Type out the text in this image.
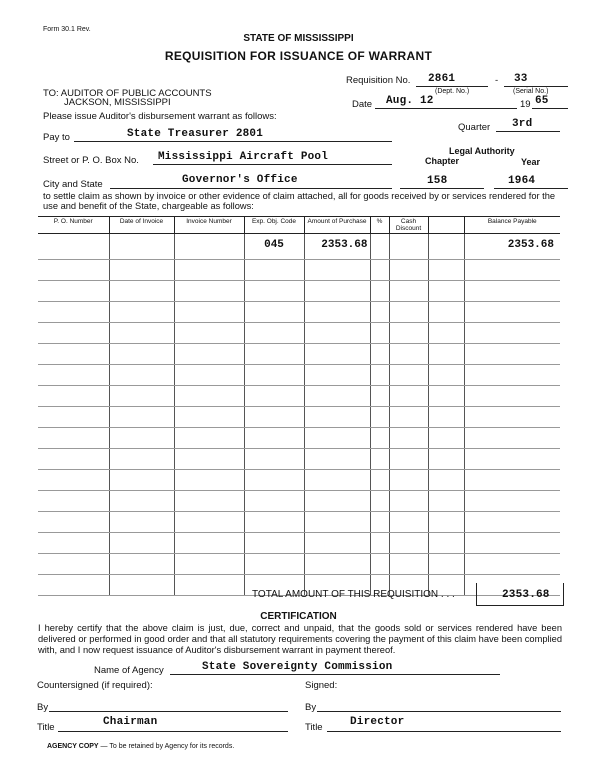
Form 30.1 Rev.
STATE OF MISSISSIPPI
REQUISITION FOR ISSUANCE OF WARRANT
Requisition No. 2861	- 33
(Dept. No.)	(Serial No.)
TO: AUDITOR OF PUBLIC ACCOUNTS
JACKSON, MISSISSIPPI
Please issue Auditor's disbursement warrant as follows:
Date Aug. 12	19 65
Quarter 3rd
Pay to	State Treasurer 2801
Legal Authority
Chapter	Year
Street or P. O. Box No. Mississippi Aircraft Pool
City and State	Governor's Office	158	1964
to settle claim as shown by invoice or other evidence of claim attached, all for goods received by or services rendered for the use and benefit of the State, chargeable as follows:
P. O. Number	Date of Invoice	Invoice Number	Exp. Obj. Code	Amount of Purchase	%	Cash Discount		Balance Payable
			045	2353.68				2353.68

TOTAL AMOUNT OF THIS REQUISITION . . .	2353.68
CERTIFICATION
I hereby certify that the above claim is just, due, correct and unpaid, that the goods sold or services rendered have been delivered or performed in good order and that all statutory requirements covering the payment of this claim have been complied with, and I now request issuance of Auditor's disbursement warrant in payment thereof.
Name of Agency	State Sovereignty Commission
Countersigned (if required):	Signed:
By	By
Title	Chairman	Title Director
AGENCY COPY — To be retained by Agency for its records.
